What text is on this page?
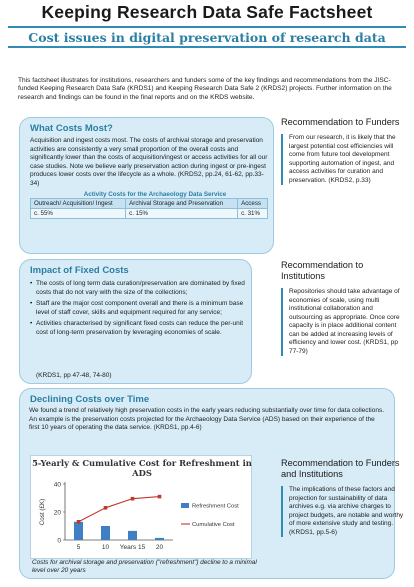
Keeping Research Data Safe Factsheet
Cost issues in digital preservation of research data

This factsheet illustrates for institutions, researchers and funders some of the key findings and recommendations from the JISC-funded Keeping Research Data Safe (KRDS1) and Keeping Research Data Safe 2 (KRDS2) projects. Further information on the research and findings can be found in the final reports and on the KRDS website.

What Costs Most?

Acquisition and ingest costs most. The costs of archival storage and preservation activities are consistently a very small proportion of the overall costs and significantly lower than the costs of acquisition/ingest or access activities for all our case studies. Note we believe early preservation action during ingest or pre-ingest produces lower costs over the lifecycle as a whole. (KRDS2, pp.24, 61-62, pp.33-34)

Activity Costs for the Archaeology Data Service
Outreach/ Acquisition/ Ingest	Archival Storage and Preservation	Access
c. 55%	c. 15%	c. 31%
Recommendation to Funders
From our research, it is likely that the largest potential cost efficiencies will come from future tool development supporting automation of ingest, and access activities for curation and preservation. (KRDS2, p.33)
Impact of Fixed Costs
• The costs of long term data curation/preservation are dominated by fixed costs that do not vary with the size of the collections;
• Staff are the major cost component overall and there is a minimum base level of staff cover, skills and equipment required for any service;
• Activities characterised by significant fixed costs can reduce the per-unit cost of long-term preservation by leveraging economies of scale.
(KRDS1, pp 47-48, 74-80)
Recommendation to Institutions
Repositories should take advantage of economies of scale, using multi institutional collaboration and outsourcing as appropriate. Once core capacity is in place additional content can be added at increasing levels of efficiency and lower cost. (KRDS1, pp 77-79)
Declining Costs over Time

We found a trend of relatively high preservation costs in the early years reducing substantially over time for data collections. An example is the preservation costs projected for the Archaeology Data Service (ADS) based on their experience of the first 10 years of operating the data service. (KRDS1, pp.4-6)

5-Yearly & Cumulative Cost for Refreshment in ADS
0
20
40
Cost (£K)
5	10 Years 15 20
Refreshment Cost
Cumulative Cost

Costs for archival storage and preservation ("refreshment") decline to a minimal level over 20 years

Recommendation to Funders and Institutions
The implications of these factors and projection for sustainability of data archives e.g. via archive charges to project budgets, are notable and worthy of more extensive study and testing. (KRDS1, pp.5-6)
